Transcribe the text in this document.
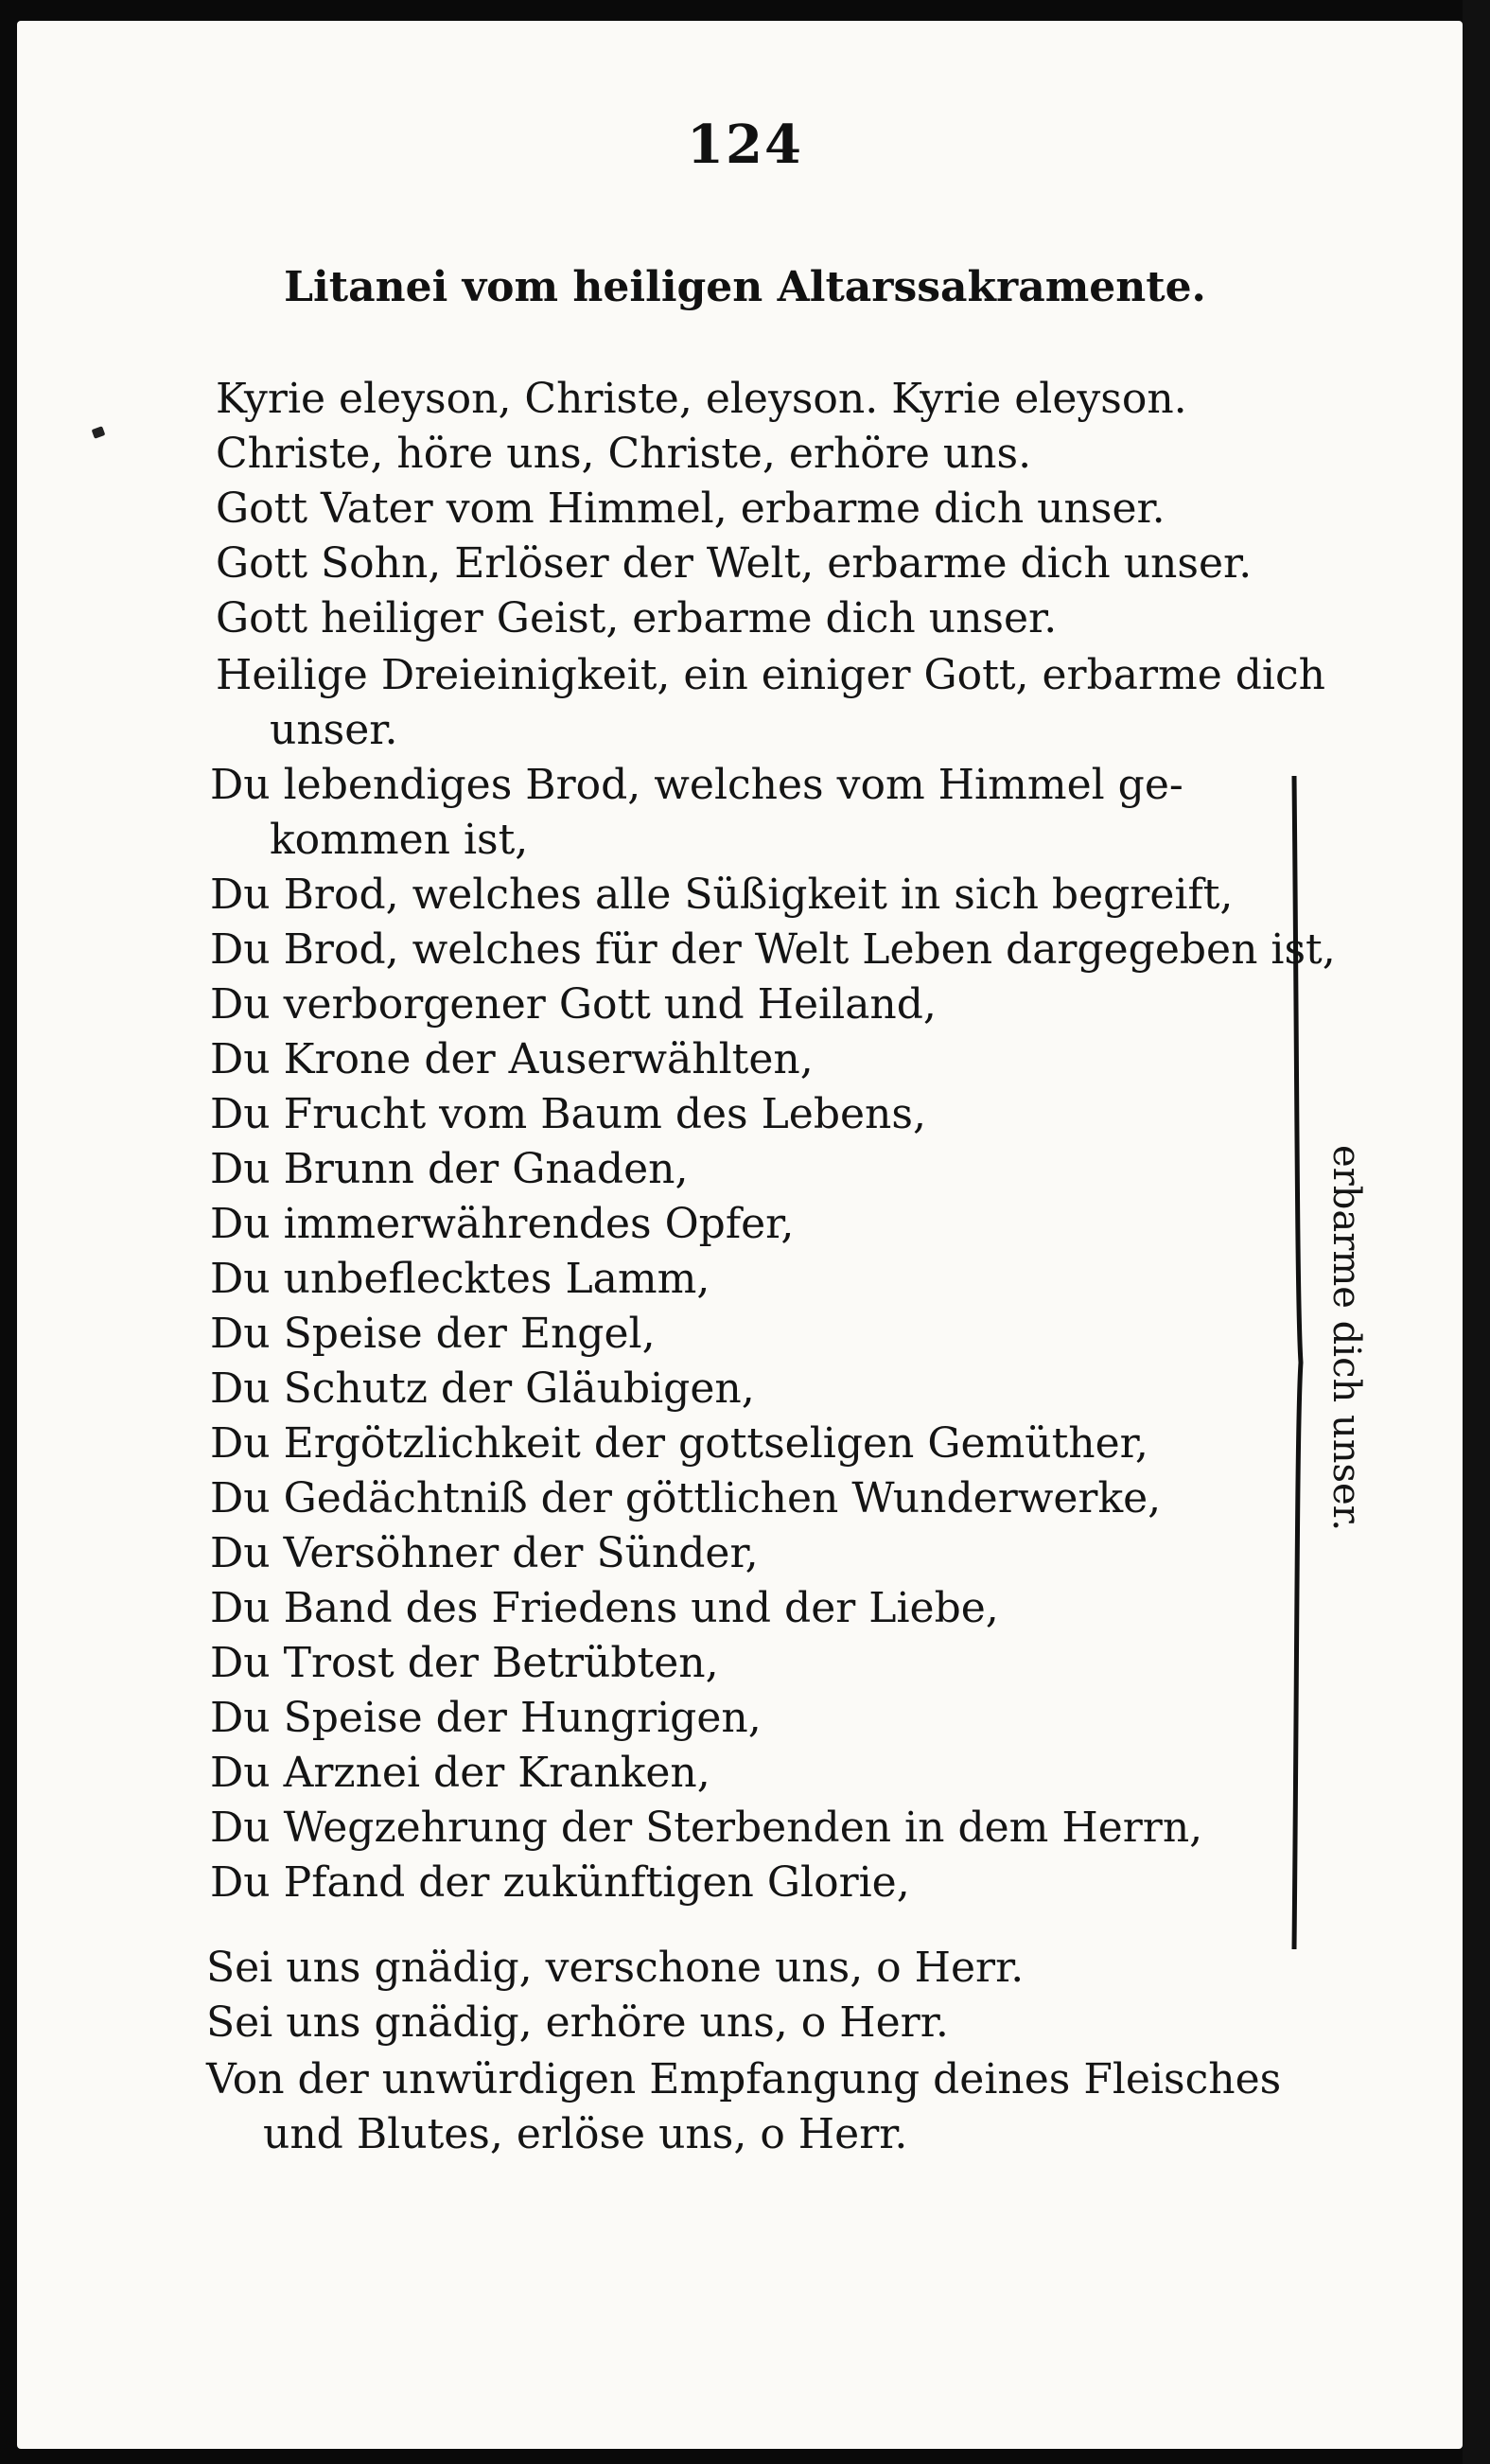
124
Litanei vom heiligen Altarssakramente.
Kyrie eleyson, Christe, eleyson. Kyrie eleyson.
Christe, höre uns, Christe, erhöre uns.
Gott Vater vom Himmel, erbarme dich unser.
Gott Sohn, Erlöser der Welt, erbarme dich unser.
Gott heiliger Geist, erbarme dich unser.
Heilige Dreieinigkeit, ein einiger Gott, erbarme dich
unser.
Du lebendiges Brod, welches vom Himmel ge-
kommen ist,
Du Brod, welches alle Süßigkeit in sich begreift,
Du Brod, welches für der Welt Leben dargegeben ist,
Du verborgener Gott und Heiland,
Du Krone der Auserwählten,
Du Frucht vom Baum des Lebens,
Du Brunn der Gnaden,
Du immerwährendes Opfer,
Du unbeflecktes Lamm,
Du Speise der Engel,
Du Schutz der Gläubigen,
Du Ergötzlichkeit der gottseligen Gemüther,
Du Gedächtniß der göttlichen Wunderwerke,
Du Versöhner der Sünder,
Du Band des Friedens und der Liebe,
Du Trost der Betrübten,
Du Speise der Hungrigen,
Du Arznei der Kranken,
Du Wegzehrung der Sterbenden in dem Herrn,
Du Pfand der zukünftigen Glorie,
Sei uns gnädig, verschone uns, o Herr.
Sei uns gnädig, erhöre uns, o Herr.
Von der unwürdigen Empfangung deines Fleisches
und Blutes, erlöse uns, o Herr.
erbarme dich unser.
